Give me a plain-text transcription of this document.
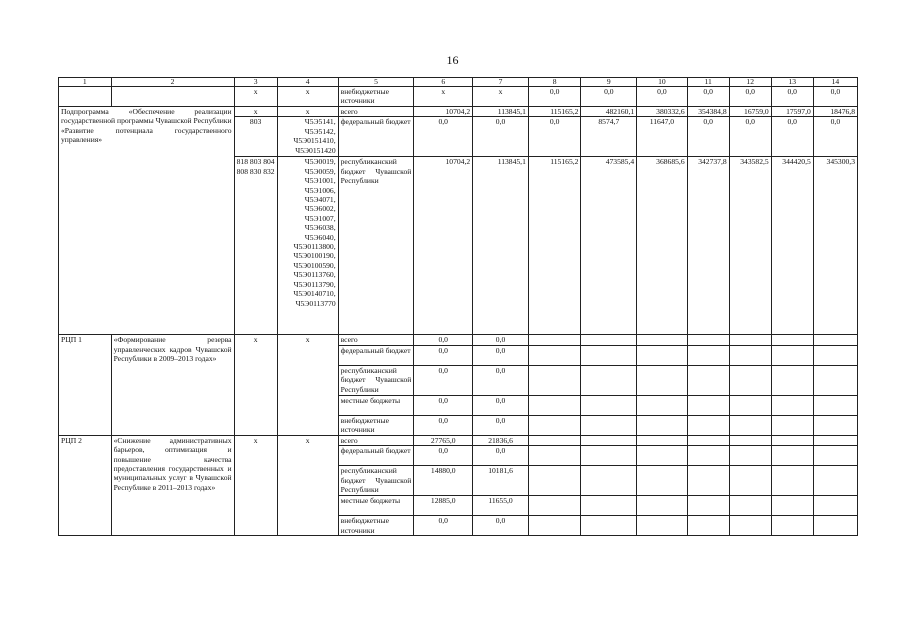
16
1	2	3	4	5	6	7	8	9	10	11	12	13	14
		x	x	внебюджетные источники	x	x	0,0	0,0	0,0	0,0	0,0	0,0	0,0
Подпрограмма «Обеспечение реализации государственной программы Чувашской Республики «Развитие потенциала государственного управления»		x	x	всего	10704,2	113845,1	115165,2	482160,1	380332,6	354384,8	16759,0	17597,0	18476,8
		803	Ч5Э5141, Ч5Э5142, Ч5Э0151410, Ч5Э0151420	федеральный бюджет	0,0	0,0	0,0	8574,7	11647,0	0,0	0,0	0,0	0,0
		818 803 804 808 830 832	Ч5Э0019, Ч5Э0059, Ч5Э1001, Ч5Э1006, Ч5Э4071, Ч5Э6002, Ч5Э1007, Ч5Э6038, Ч5Э6040, Ч5Э0113800, Ч5Э0100190, Ч5Э0100590, Ч5Э0113760, Ч5Э0113790, Ч5Э0140710, Ч5Э0113770	республиканский бюджет Чувашской Республики	10704,2	113845,1	115165,2	473585,4	368685,6	342737,8	343582,5	344420,5	345300,3
РЦП 1	«Формирование резерва управленческих кадров Чувашской Республики в 2009–2013 годах»	x	x	всего	0,0	0,0							
				федеральный бюджет	0,0	0,0							
				республиканский бюджет Чувашской Республики	0,0	0,0							
				местные бюджеты	0,0	0,0							
				внебюджетные источники	0,0	0,0							
РЦП 2	«Снижение административных барьеров, оптимизация и повышение качества предоставления государственных и муниципальных услуг в Чувашской Республике в 2011–2013 годах»	x	x	всего	27765,0	21836,6							
				федеральный бюджет	0,0	0,0							
				республиканский бюджет Чувашской Республики	14880,0	10181,6							
				местные бюджеты	12885,0	11655,0							
				внебюджетные источники	0,0	0,0							
